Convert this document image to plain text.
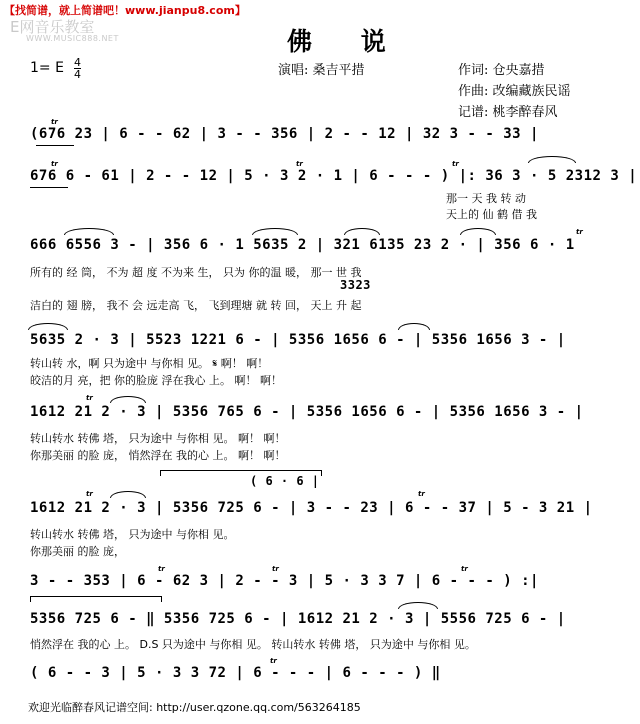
【找简谱，就上简谱吧！www.jianpu8.com】
E网音乐教室
WWW.MUSIC888.NET	佛 说
演唱: 桑吉平措	作词: 仓央嘉措
作曲: 改编藏族民谣
记谱: 桃李醉春风
1= E 4
4
(676 23 | 6 - - 62 | 3 - - 356 | 2 - - 12 | 32 3 - - 33 |
tr
676 6 - 61 | 2 - - 12 | 5 · 3 2 · 1 | 6 - - - ) |: 36 3 · 5 2312 3 |
tr	tr	tr
那一 天 我 转 动
天上的 仙 鹤 借 我
666 6556 3 - | 356 6 · 1 5635 2 | 321 6135 23 2 · | 356 6 · 1
tr
所有的 经 筒， 不为 超 度 不为来 生， 只为 你的温 暖， 那一 世 我
3323
洁白的 翅 膀， 我不 会 远走高 飞， 飞到理塘 就 转 回， 天上 升 起
5635 2 · 3 | 5523 1221 6 - | 5356 1656 6 - | 5356 1656 3 - |
转山转 水，啊 只为途中 与你相 见。 𝄋 啊！ 啊！
皎洁的月 亮，把 你的脸庞 浮在我心 上。 啊！ 啊！
1612 21 2 · 3 | 5356 765 6 - | 5356 1656 6 - | 5356 1656 3 - |
tr
转山转水 转佛 塔， 只为途中 与你相 见。 啊！ 啊！
你那美丽 的脸 庞， 悄然浮在 我的心 上。 啊！ 啊！
( 6 · 6 |
1612 21 2 · 3 | 5356 725 6 - | 3 - - 23 | 6 - - 37 | 5 - 3 21 |
tr	tr
转山转水 转佛 塔， 只为途中 与你相 见。
你那美丽 的脸 庞，
3 - - 353 | 6 - 62 3 | 2 - - 3 | 5 · 3 3 7 | 6 - - - ) :|
tr	tr	tr
5356 725 6 - ‖ 5356 725 6 - | 1612 21 2 · 3 | 5556 725 6 - |
悄然浮在 我的心 上。 D.S 只为途中 与你相 见。 转山转水 转佛 塔， 只为途中 与你相 见。
( 6 - - 3 | 5 · 3 3 72 | 6 - - - | 6 - - - ) ‖
tr
欢迎光临醉春风记谱空间: http://user.qzone.qq.com/563264185
